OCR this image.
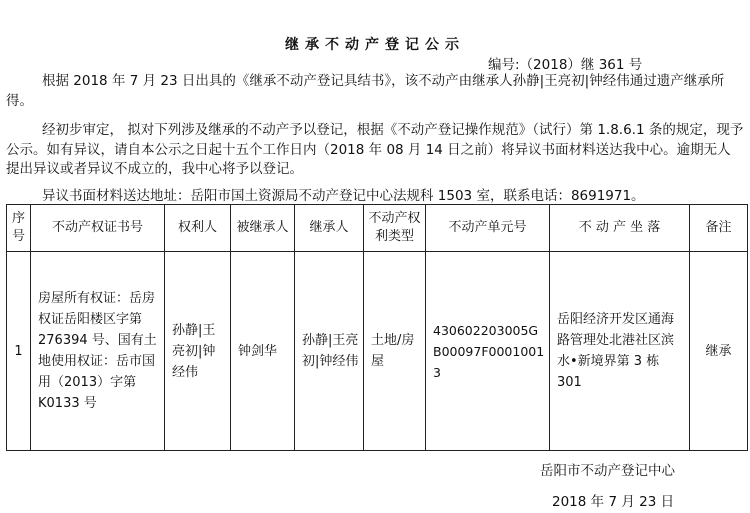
继承不动产登记公示
编号:（2018）继 361 号
根据 2018 年 7 月 23 日出具的《继承不动产登记具结书》，该不动产由继承人孙静|王亮初|钟经伟通过遗产继承所得。
经初步审定， 拟对下列涉及继承的不动产予以登记，根据《不动产登记操作规范》（试行）第 1.8.6.1 条的规定，现予公示。如有异议，请自本公示之日起十五个工作日内（2018 年 08 月 14 日之前）将异议书面材料送达我中心。逾期无人提出异议或者异议不成立的，我中心将予以登记。
异议书面材料送达地址：岳阳市国土资源局不动产登记中心法规科 1503 室，联系电话：8691971。
序号	不动产权证书号	权利人	被继承人	继承人	不动产权利类型	不动产单元号	不 动 产 坐 落	备注
1	房屋所有权证：岳房权证岳阳楼区字第 276394 号、国有土地使用权证：岳市国用（2013）字第 K0133 号	孙静|王亮初|钟经伟	钟剑华	孙静|王亮初|钟经伟	土地/房屋	430602203005GB00097F00010013	岳阳经济开发区通海路管理处北港社区滨水•新境界第 3 栋 301	继承
岳阳市不动产登记中心
2018 年 7 月 23 日
